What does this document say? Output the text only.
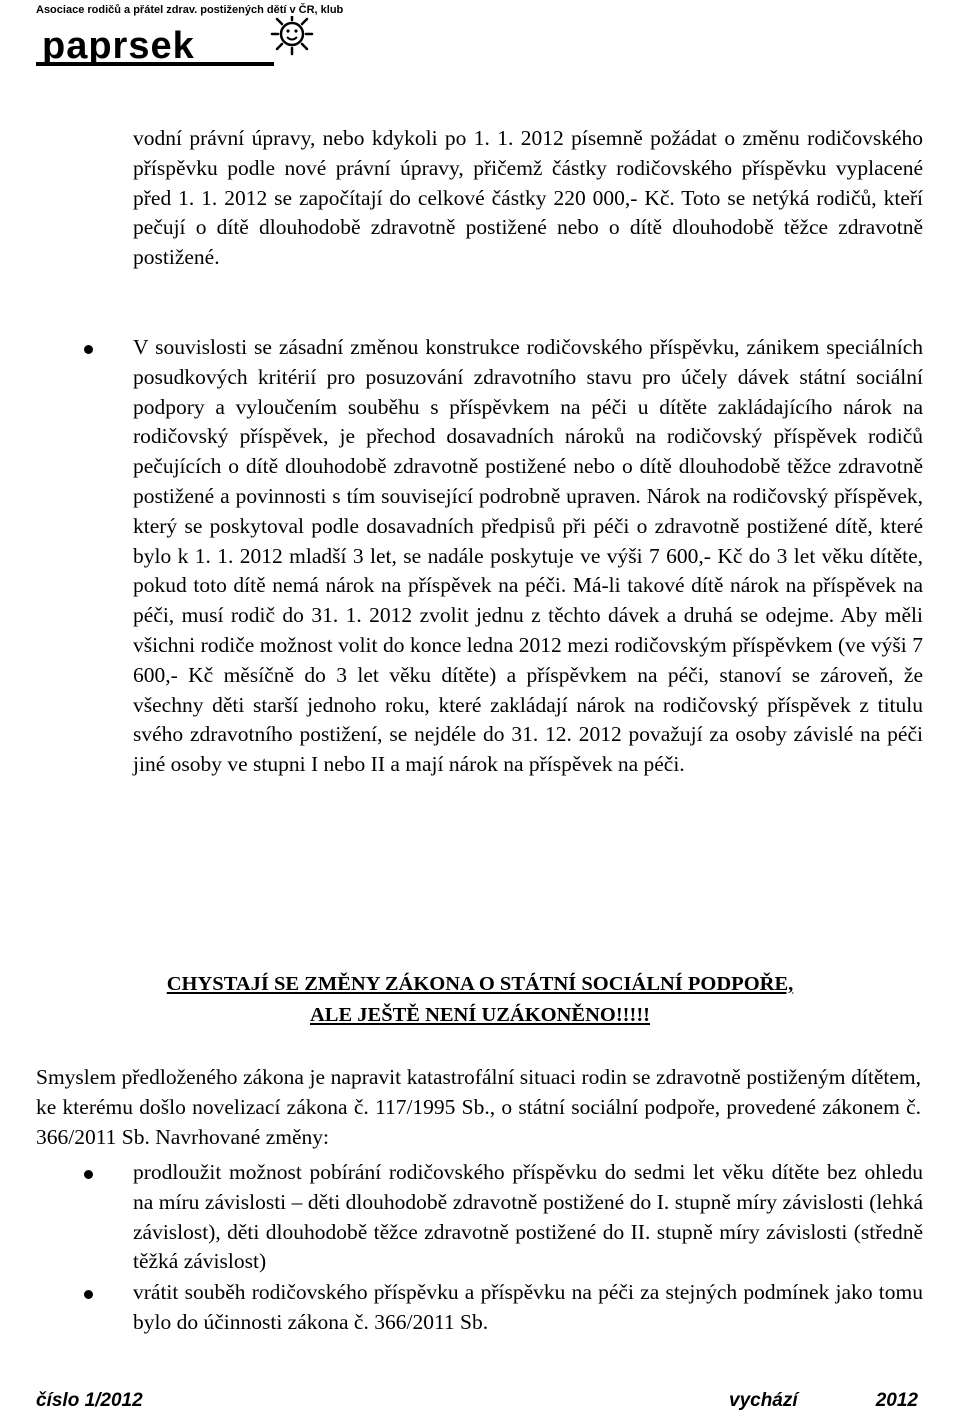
Asociace rodičů a přátel zdrav. postižených dětí v ČR, klub
paprsek

vodní právní úpravy, nebo kdykoli po 1. 1. 2012 písemně požádat o změnu rodičovského příspěvku podle nové právní úpravy, přičemž částky rodičovského příspěvku vyplacené před 1. 1. 2012 se započítají do celkové částky 220 000,- Kč. Toto se netýká rodičů, kteří pečují o dítě dlouhodobě zdravotně postižené nebo o dítě dlouhodobě těžce zdravotně postižené.

V souvislosti se zásadní změnou konstrukce rodičovského příspěvku, zánikem speciálních posudkových kritérií pro posuzování zdravotního stavu pro účely dávek státní sociální podpory a vyloučením souběhu s příspěvkem na péči u dítěte zakládajícího nárok na rodičovský příspěvek, je přechod dosavadních nároků na rodičovský příspěvek rodičů pečujících o dítě dlouhodobě zdravotně postižené nebo o dítě dlouhodobě těžce zdravotně postižené a povinnosti s tím související podrobně upraven. Nárok na rodičovský příspěvek, který se poskytoval podle dosavadních předpisů při péči o zdravotně postižené dítě, které bylo k 1. 1. 2012 mladší 3 let, se nadále poskytuje ve výši 7 600,- Kč do 3 let věku dítěte, pokud toto dítě nemá nárok na příspěvek na péči. Má-li takové dítě nárok na příspěvek na péči, musí rodič do 31. 1. 2012 zvolit jednu z těchto dávek a druhá se odejme. Aby měli všichni rodiče možnost volit do konce ledna 2012 mezi rodičovským příspěvkem (ve výši 7 600,- Kč měsíčně do 3 let věku dítěte) a příspěvkem na péči, stanoví se zároveň, že všechny děti starší jednoho roku, které zakládají nárok na rodičovský příspěvek z titulu svého zdravotního postižení, se nejdéle do 31. 12. 2012 považují za osoby závislé na péči jiné osoby ve stupni I nebo II a mají nárok na příspěvek na péči.

CHYSTAJÍ SE ZMĚNY ZÁKONA O STÁTNÍ SOCIÁLNÍ PODPOŘE,

ALE JEŠTĚ NENÍ UZÁKONĚNO!!!!!

Smyslem předloženého zákona je napravit katastrofální situaci rodin se zdravotně postiženým dítětem, ke kterému došlo novelizací zákona č. 117/1995 Sb., o státní sociální podpoře, provedené zákonem č. 366/2011 Sb. Navrhované změny:

prodloužit možnost pobírání rodičovského příspěvku do sedmi let věku dítěte bez ohledu na míru závislosti – děti dlouhodobě zdravotně postižené do I. stupně míry závislosti (lehká závislost), děti dlouhodobě těžce zdravotně postižené do II. stupně míry závislosti (středně těžká závislost)

vrátit souběh rodičovského příspěvku a příspěvku na péči za stejných podmínek jako tomu bylo do účinnosti zákona č. 366/2011 Sb.

číslo 1/2012	vychází	2012
